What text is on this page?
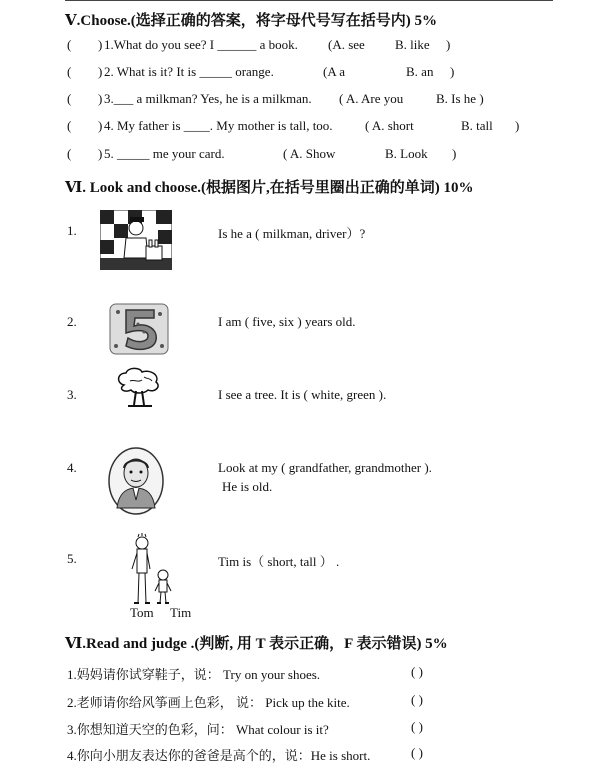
Ⅴ.Choose.(选择正确的答案，将字母代号写在括号内) 5%
( ) 1.What do you see? I ______ a book. (A. see B. like )
( ) 2. What is it? It is _____ orange.	(A a	B. an )
( ) 3.___ a milkman? Yes, he is a milkman. ( A. Are you	B. Is he )
( ) 4. My father is ____. My mother is tall, too. ( A. short	B. tall )
( ) 5. _____ me your card.	( A. Show	B. Look )
Ⅵ. Look and choose.(根据图片,在括号里圈出正确的单词) 10%
1.	Is he a ( milkman, driver）?
2.	I am ( five, six ) years old.
3.	I see a tree. It is ( white, green ).
4.	Look at my ( grandfather, grandmother ).
He is old.
5.	Tim is（ short, tall ） .
Tom Tim
Ⅵ.Read and judge .(判断, 用 T 表示正确，F 表示错误) 5%
1.妈妈请你试穿鞋子，说： Try on your shoes.	( )
2.老师请你给风筝画上色彩， 说： Pick up the kite.	( )
3.你想知道天空的色彩，问： What colour is it?	( )
4.你向小朋友表达你的爸爸是高个的，说：He is short.	( )
